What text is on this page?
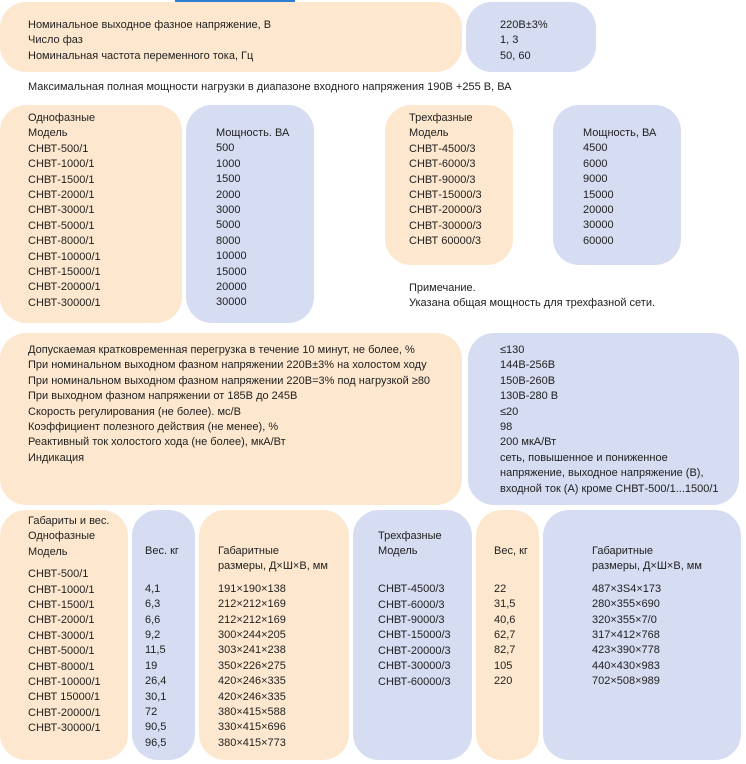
Номинальное выходное фазное напряжение, В
Число фаз
Номинальная частота переменного тока, Гц
220В±3%
1, 3
50, 60
Максимальная полная мощности нагрузки в диапазоне входного напряжения 190В +255 В, ВА
Однофазные
Модель
СНВТ-500/1
СНВТ-1000/1
СНВТ-1500/1
СНВТ-2000/1
СНВТ-3000/1
СНВТ-5000/1
СНВТ-8000/1
СНВТ-10000/1
СНВТ-15000/1
СНВТ-20000/1
СНВТ-30000/1
Мощность. ВА
500
1000
1500
2000
3000
5000
8000
10000
15000
20000
30000
Трехфазные
Модель
СНВТ-4500/3
СНВТ-6000/3
СНВТ-9000/3
СНВТ-15000/3
СНВТ-20000/3
СНВТ-30000/3
СНВТ 60000/3
Мощность, ВА
4500
6000
9000
15000
20000
30000
60000
Примечание.
Указана общая мощность для трехфазной сети.
Допускаемая кратковременная перегрузка в течение 10 минут, не более, %
При номинальном выходном фазном напряжении 220В±3% на холостом ходу
При номинальном выходном фазном напряжении 220В=3% под нагрузкой ≥80
При выходном фазном напряжении от 185В до 245В
Скорость регулирования (не более). мс/В
Коэффициент полезного действия (не менее), %
Реактивный ток холостого хода (не более), мкА/Вт
Индикация
≤130
144В-256В
150В-260В
130В-280 В
≤20
98
200 мкА/Вт
сеть, повышенное и пониженное
напряжение, выходное напряжение (В),
входной ток (А) кроме СНВТ-500/1...1500/1
Габариты и вес.
Однофазные
Модель
СНВТ-500/1
СНВТ-1000/1
СНВТ-1500/1
СНВТ-2000/1
СНВТ-3000/1
СНВТ-5000/1
СНВТ-8000/1
СНВТ-10000/1
СНВТ 15000/1
СНВТ-20000/1
СНВТ-30000/1
Вес. кг
4,1
6,3
6,6
9,2
11,5
19
26,4
30,1
72
90,5
96,5
Габаритные
размеры, Д×Ш×В, мм
191×190×138
212×212×169
212×212×169
300×244×205
303×241×238
350×226×275
420×246×335
420×246×335
380×415×588
330×415×696
380×415×773
Трехфазные
Модель
СНВТ-4500/3
СНВТ-6000/3
СНВТ-9000/3
СНВТ-15000/3
СНВТ-20000/3
СНВТ-30000/3
СНВТ-60000/3
Вес, кг
22
31,5
40,6
62,7
82,7
105
220
Габаритные
размеры, Д×Ш×В, мм
487×3S4×173
280×355×690
320×355×7/0
317×412×768
423×390×778
440×430×983
702×508×989
